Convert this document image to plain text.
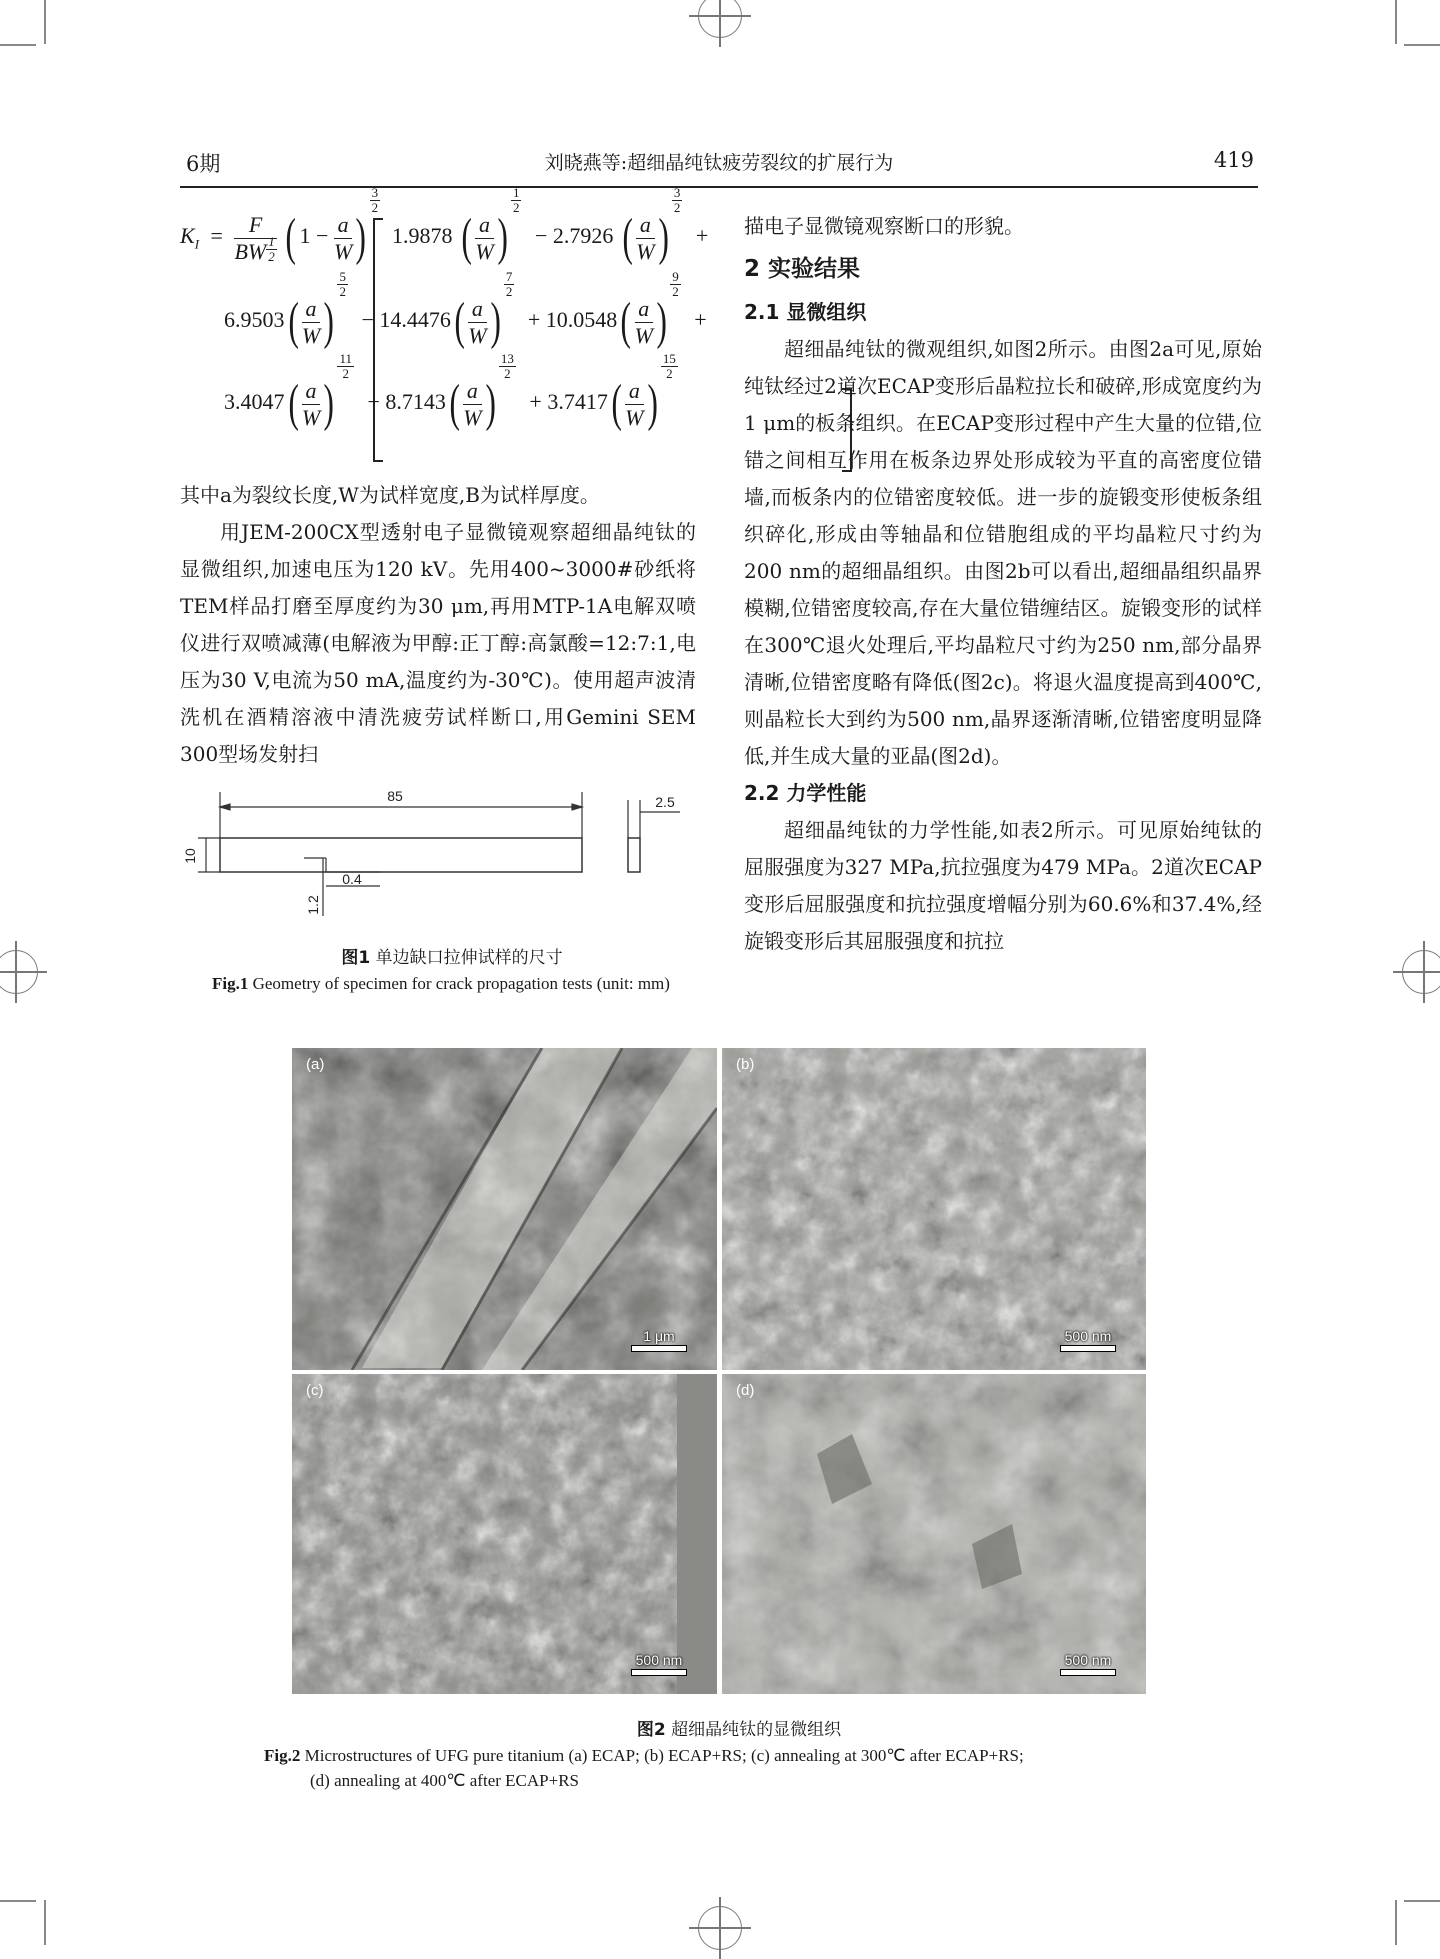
6期	刘晓燕等:超细晶纯钛疲劳裂纹的扩展行为	419
$K_I = \frac{F}{BW \frac{1}{2}}$ ( $1 - \frac{a}{W}$ )
$\frac{3}{2}$
1.9878 ( $\frac{a}{W}$ )
$\frac{1}{2} - 2.7926$ ( $\frac{a}{W}$ )
$\frac{3}{2}$ +
$6.9503( \frac{a}{W}$ )
$\frac{5}{2} - 14.4476( \frac{a}{W}$ )
$\frac{7}{2} + 10.0548( \frac{a}{W}$ )
$\frac{9}{2}$ +
$3.4047( \frac{a}{W}$ )
$\frac{11}{2} - 8.7143( \frac{a}{W}$ )
$\frac{13}{2} + 3.7417( \frac{a}{W}$ )
$\frac{15}{2}$

其中a为裂纹长度,W为试样宽度,B为试样厚度。

用JEM-200CX型透射电子显微镜观察超细晶纯钛的显微组织,加速电压为120 kV。先用400~3000#砂纸将TEM样品打磨至厚度约为30 μm,再用MTP-1A电解双喷仪进行双喷减薄(电解液为甲醇:正丁醇:高氯酸=12:7:1,电压为30 V,电流为50 mA,温度约为-30℃)。使用超声波清洗机在酒精溶液中清洗疲劳试样断口,用Gemini SEM 300型场发射扫

85	2.5
10
0.4
1.2
图1 单边缺口拉伸试样的尺寸
Fig.1 Geometry of specimen for crack propagation tests (unit: mm)

描电子显微镜观察断口的形貌。

2 实验结果

2.1 显微组织

超细晶纯钛的微观组织,如图2所示。由图2a可见,原始纯钛经过2道次ECAP变形后晶粒拉长和破碎,形成宽度约为1 μm的板条组织。在ECAP变形过程中产生大量的位错,位错之间相互作用在板条边界处形成较为平直的高密度位错墙,而板条内的位错密度较低。进一步的旋锻变形使板条组织碎化,形成由等轴晶和位错胞组成的平均晶粒尺寸约为200 nm的超细晶组织。由图2b可以看出,超细晶组织晶界模糊,位错密度较高,存在大量位错缠结区。旋锻变形的试样在300℃退火处理后,平均晶粒尺寸约为250 nm,部分晶界清晰,位错密度略有降低(图2c)。将退火温度提高到400℃,则晶粒长大到约为500 nm,晶界逐渐清晰,位错密度明显降低,并生成大量的亚晶(图2d)。

2.2 力学性能

超细晶纯钛的力学性能,如表2所示。可见原始纯钛的屈服强度为327 MPa,抗拉强度为479 MPa。2道次ECAP变形后屈服强度和抗拉强度增幅分别为60.6%和37.4%,经旋锻变形后其屈服强度和抗拉

(a)
1 μm
(b)
500 nm
(c)
500 nm
(d)
500 nm
图2 超细晶纯钛的显微组织
Fig.2 Microstructures of UFG pure titanium (a) ECAP; (b) ECAP+RS; (c) annealing at 300℃ after ECAP+RS;
(d) annealing at 400℃ after ECAP+RS
